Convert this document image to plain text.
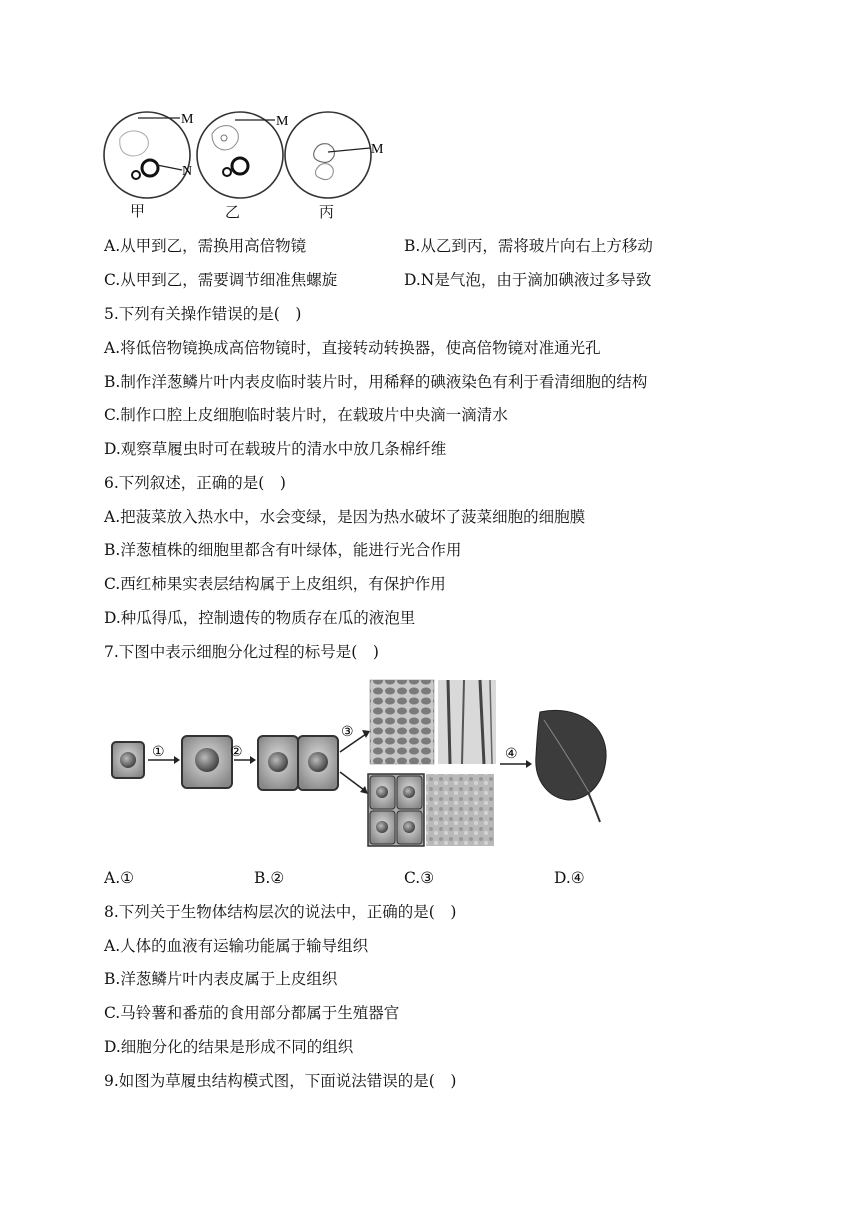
M
N
M
M
甲	乙	丙
A.从甲到乙，需换用高倍物镜	B.从乙到丙，需将玻片向右上方移动
C.从甲到乙，需要调节细准焦螺旋	D.N是气泡，由于滴加碘液过多导致
5.下列有关操作错误的是(　)
A.将低倍物镜换成高倍物镜时，直接转动转换器，使高倍物镜对准通光孔
B.制作洋葱鳞片叶内表皮临时装片时，用稀释的碘液染色有利于看清细胞的结构
C.制作口腔上皮细胞临时装片时，在载玻片中央滴一滴清水
D.观察草履虫时可在载玻片的清水中放几条棉纤维
6.下列叙述，正确的是(　)
A.把菠菜放入热水中，水会变绿，是因为热水破坏了菠菜细胞的细胞膜
B.洋葱植株的细胞里都含有叶绿体，能进行光合作用
C.西红柿果实表层结构属于上皮组织，有保护作用
D.种瓜得瓜，控制遗传的物质存在瓜的液泡里
7.下图中表示细胞分化过程的标号是(　)
①	②
③
④
A.①	B.②	C.③	D.④
8.下列关于生物体结构层次的说法中，正确的是(　)
A.人体的血液有运输功能属于输导组织
B.洋葱鳞片叶内表皮属于上皮组织
C.马铃薯和番茄的食用部分都属于生殖器官
D.细胞分化的结果是形成不同的组织
9.如图为草履虫结构模式图，下面说法错误的是(　)
